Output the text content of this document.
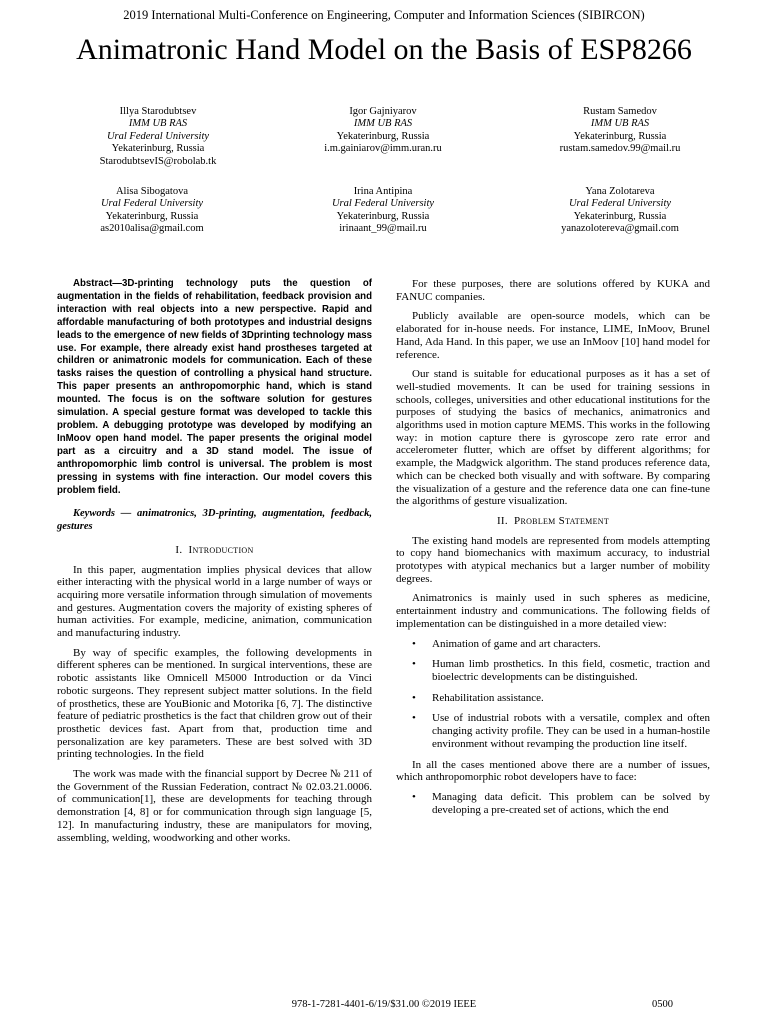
2019 International Multi-Conference on Engineering, Computer and Information Sciences (SIBIRCON)
Animatronic Hand Model on the Basis of ESP8266
Illya Starodubtsev
IMM UB RAS
Ural Federal University
Yekaterinburg, Russia
StarodubtsevIS@robolab.tk
Igor Gajniyarov
IMM UB RAS
Yekaterinburg, Russia
i.m.gainiarov@imm.uran.ru
Rustam Samedov
IMM UB RAS
Yekaterinburg, Russia
rustam.samedov.99@mail.ru
Alisa Sibogatova
Ural Federal University
Yekaterinburg, Russia
as2010alisa@gmail.com
Irina Antipina
Ural Federal University
Yekaterinburg, Russia
irinaant_99@mail.ru
Yana Zolotareva
Ural Federal University
Yekaterinburg, Russia
yanazolotereva@gmail.com
Abstract—3D-printing technology puts the question of augmentation in the fields of rehabilitation, feedback provision and interaction with real objects into a new perspective. Rapid and affordable manufacturing of both prototypes and industrial designs leads to the emergence of new fields of 3Dprinting technology mass use. For example, there already exist hand prostheses targeted at children or animatronic models for communication. Each of these tasks raises the question of controlling a physical hand structure. This paper presents an anthropomorphic hand, which is stand mounted. The focus is on the software solution for gestures simulation. A special gesture format was developed to tackle this problem. A debugging prototype was developed by modifying an InMoov open hand model. The paper presents the original model part as a circuitry and a 3D stand model. The issue of anthropomorphic limb control is universal. The problem is most pressing in systems with fine interaction. Our model covers this problem field.
Keywords — animatronics, 3D-printing, augmentation, feedback, gestures
I. Introduction

In this paper, augmentation implies physical devices that allow either interacting with the physical world in a large number of ways or acquiring more versatile information through simulation of movements and gestures. Augmentation covers the majority of existing spheres of human activities. For example, medicine, animation, communication and manufacturing industry.

By way of specific examples, the following developments in different spheres can be mentioned. In surgical interventions, these are robotic assistants like Omnicell M5000 Introduction or da Vinci robotic surgeons. They represent subject matter solutions. In the field of prosthetics, these are YouBionic and Motorika [6, 7]. The distinctive feature of pediatric prosthetics is the fact that children grow out of their prosthetic devices fast. Apart from that, production time and personalization are key parameters. These are best solved with 3D printing technologies. In the field

The work was made with the financial support by Decree № 211 of the Government of the Russian Federation, contract № 02.03.21.0006. of communication[1], these are developments for teaching through demonstration [4, 8] or for communication through sign language [5, 12]. In manufacturing industry, these are manipulators for moving, assembling, welding, woodworking and other works.

For these purposes, there are solutions offered by KUKA and FANUC companies.

Publicly available are open-source models, which can be elaborated for in-house needs. For instance, LIME, InMoov, Brunel Hand, Ada Hand. In this paper, we use an InMoov [10] hand model for reference.

Our stand is suitable for educational purposes as it has a set of well-studied movements. It can be used for training sessions in schools, colleges, universities and other educational institutions for the purposes of studying the basics of mechanics, animatronics and algorithms used in motion capture MEMS. This works in the following way: in motion capture there is gyroscope zero rate error and accelerometer flutter, which are offset by different algorithms; for example, the Madgwick algorithm. The stand produces reference data, which can be checked both visually and with software. By comparing the visualization of a gesture and the reference data one can fine-tune the algorithms of gesture visualization.

II. Problem Statement

The existing hand models are represented from models attempting to copy hand biomechanics with maximum accuracy, to industrial prototypes with atypical mechanics but a larger number of mobility degrees.

Animatronics is mainly used in such spheres as medicine, entertainment industry and communications. The following fields of implementation can be distinguished in a more detailed view:

• Animation of game and art characters.
• Human limb prosthetics. In this field, cosmetic, traction and bioelectric developments can be distinguished.
• Rehabilitation assistance.
• Use of industrial robots with a versatile, complex and often changing activity profile. They can be used in a human-hostile environment without revamping the production line itself.

In all the cases mentioned above there are a number of issues, which anthropomorphic robot developers have to face:

• Managing data deficit. This problem can be solved by developing a pre-created set of actions, which the end
978-1-7281-4401-6/19/$31.00 ©2019 IEEE	0500
